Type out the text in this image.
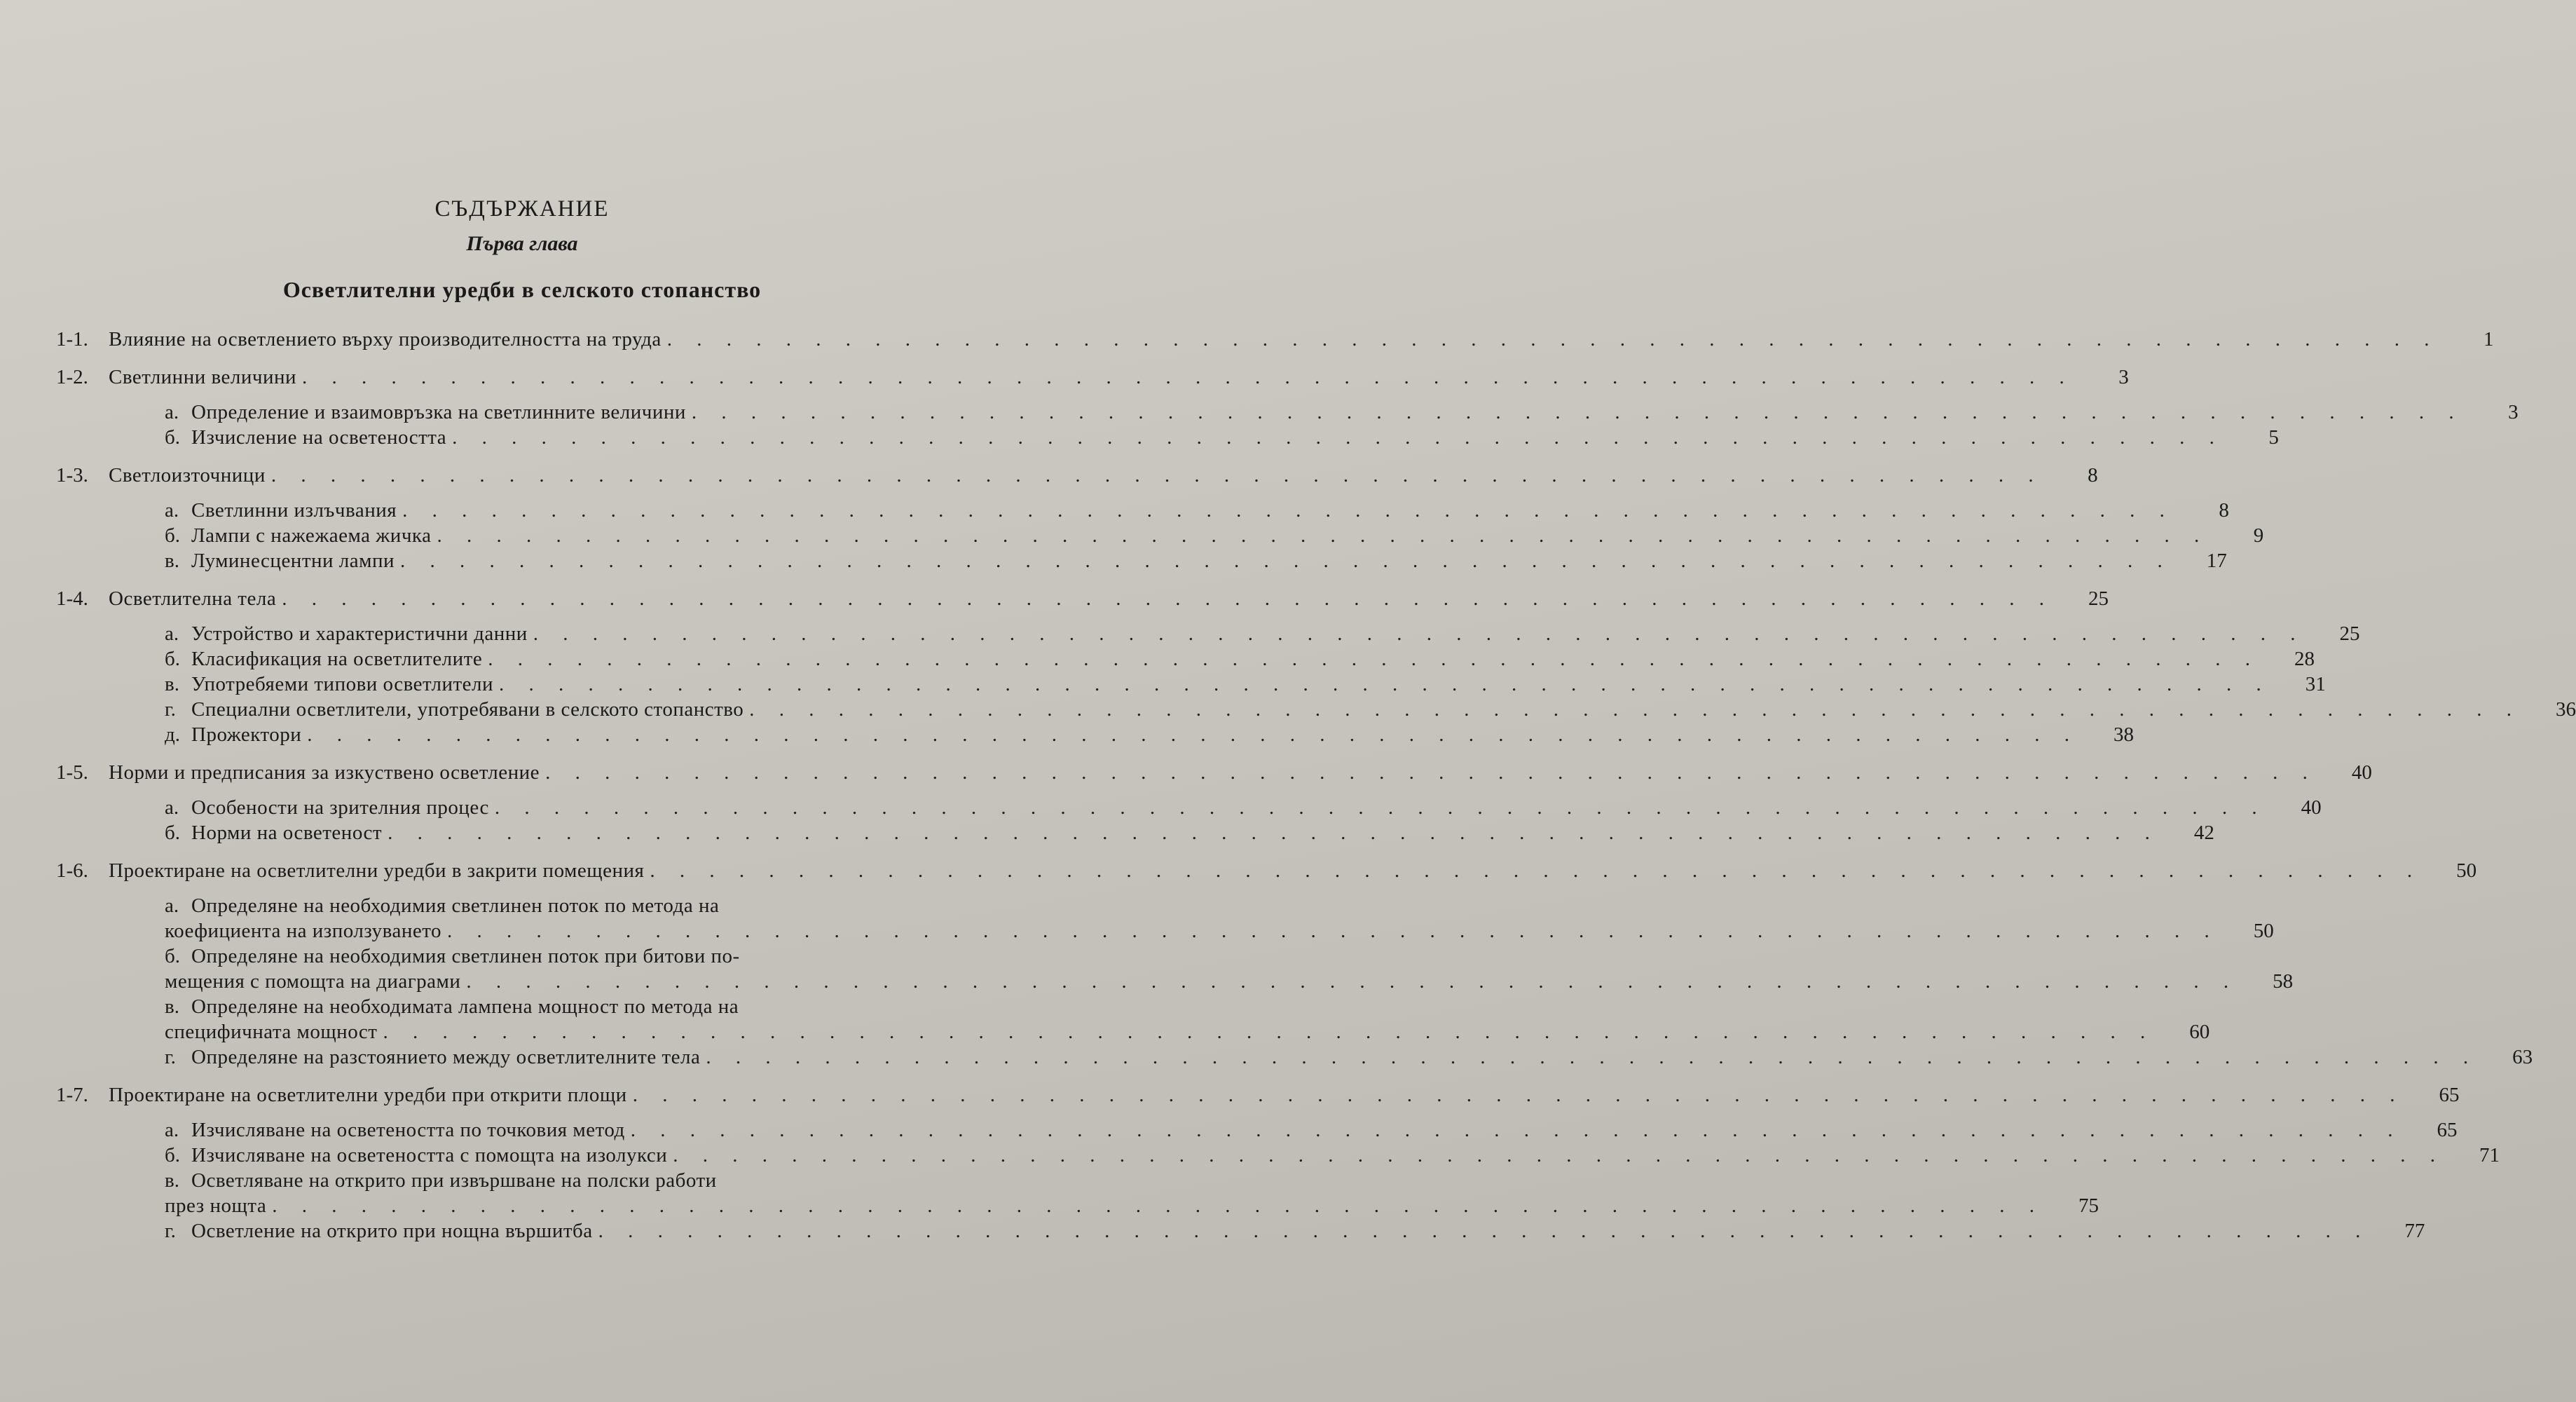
СЪДЪРЖАНИЕ
Първа глава
Осветлителни уредби в селското стопанство
1-1.	Влияние на осветлението върху производителността на труда . . . . . . . . . . . . . . . . . . . . . . . . . . . . . . . . . . . . . . . . . . . . . . . . . . . . . . . . . . . .	1
1-2.	Светлинни величини . . . . . . . . . . . . . . . . . . . . . . . . . . . . . . . . . . . . . . . . . . . . . . . . . . . . . . . . . . . .	3
а. Определение и взаимовръзка на светлинните величини . . . . . . . . . . . . . . . . . . . . . . . . . . . . . . . . . . . . . . . . . . . . . . . . . . . . . . . . . . . .	3
б. Изчисление на осветеността . . . . . . . . . . . . . . . . . . . . . . . . . . . . . . . . . . . . . . . . . . . . . . . . . . . . . . . . . . . .	5
1-3.	Светлоизточници . . . . . . . . . . . . . . . . . . . . . . . . . . . . . . . . . . . . . . . . . . . . . . . . . . . . . . . . . . . .	8
а. Светлинни излъчвания . . . . . . . . . . . . . . . . . . . . . . . . . . . . . . . . . . . . . . . . . . . . . . . . . . . . . . . . . . . .	8
б. Лампи с нажежаема жичка . . . . . . . . . . . . . . . . . . . . . . . . . . . . . . . . . . . . . . . . . . . . . . . . . . . . . . . . . . . .	9
в. Луминесцентни лампи . . . . . . . . . . . . . . . . . . . . . . . . . . . . . . . . . . . . . . . . . . . . . . . . . . . . . . . . . . . .	17
1-4.	Осветлителна тела . . . . . . . . . . . . . . . . . . . . . . . . . . . . . . . . . . . . . . . . . . . . . . . . . . . . . . . . . . . .	25
а. Устройство и характеристични данни . . . . . . . . . . . . . . . . . . . . . . . . . . . . . . . . . . . . . . . . . . . . . . . . . . . . . . . . . . . .	25
б. Класификация на осветлителите . . . . . . . . . . . . . . . . . . . . . . . . . . . . . . . . . . . . . . . . . . . . . . . . . . . . . . . . . . . .	28
в. Употребяеми типови осветлители . . . . . . . . . . . . . . . . . . . . . . . . . . . . . . . . . . . . . . . . . . . . . . . . . . . . . . . . . . . .	31
г. Специални осветлители, употребявани в селското стопанство . . . . . . . . . . . . . . . . . . . . . . . . . . . . . . . . . . . . . . . . . . . . . . . . . . . . . . . . . . . .	36
д. Прожектори . . . . . . . . . . . . . . . . . . . . . . . . . . . . . . . . . . . . . . . . . . . . . . . . . . . . . . . . . . . .	38
1-5.	Норми и предписания за изкуствено осветление . . . . . . . . . . . . . . . . . . . . . . . . . . . . . . . . . . . . . . . . . . . . . . . . . . . . . . . . . . . .	40
а. Особености на зрителния процес . . . . . . . . . . . . . . . . . . . . . . . . . . . . . . . . . . . . . . . . . . . . . . . . . . . . . . . . . . . .	40
б. Норми на осветеност . . . . . . . . . . . . . . . . . . . . . . . . . . . . . . . . . . . . . . . . . . . . . . . . . . . . . . . . . . . .	42
1-6.	Проектиране на осветлителни уредби в закрити помещения . . . . . . . . . . . . . . . . . . . . . . . . . . . . . . . . . . . . . . . . . . . . . . . . . . . . . . . . . . . .	50
а. Определяне на необходимия светлинен поток по метода на
коефициента на използуването . . . . . . . . . . . . . . . . . . . . . . . . . . . . . . . . . . . . . . . . . . . . . . . . . . . . . . . . . . . .	50
б. Определяне на необходимия светлинен поток при битови по-
мещения с помощта на диаграми . . . . . . . . . . . . . . . . . . . . . . . . . . . . . . . . . . . . . . . . . . . . . . . . . . . . . . . . . . . .	58
в. Определяне на необходимата лампена мощност по метода на
специфичната мощност . . . . . . . . . . . . . . . . . . . . . . . . . . . . . . . . . . . . . . . . . . . . . . . . . . . . . . . . . . . .	60
г. Определяне на разстоянието между осветлителните тела . . . . . . . . . . . . . . . . . . . . . . . . . . . . . . . . . . . . . . . . . . . . . . . . . . . . . . . . . . . .	63
1-7.	Проектиране на осветлителни уредби при открити площи . . . . . . . . . . . . . . . . . . . . . . . . . . . . . . . . . . . . . . . . . . . . . . . . . . . . . . . . . . . .	65
а. Изчисляване на осветеността по точковия метод . . . . . . . . . . . . . . . . . . . . . . . . . . . . . . . . . . . . . . . . . . . . . . . . . . . . . . . . . . . .	65
б. Изчисляване на осветеността с помощта на изолукси . . . . . . . . . . . . . . . . . . . . . . . . . . . . . . . . . . . . . . . . . . . . . . . . . . . . . . . . . . . .	71
в. Осветляване на открито при извършване на полски работи
през нощта . . . . . . . . . . . . . . . . . . . . . . . . . . . . . . . . . . . . . . . . . . . . . . . . . . . . . . . . . . . .	75
г. Осветление на открито при нощна вършитба . . . . . . . . . . . . . . . . . . . . . . . . . . . . . . . . . . . . . . . . . . . . . . . . . . . . . . . . . . . .	77
